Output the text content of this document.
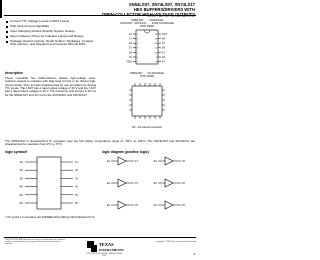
SN54LS07, SN74LS07, SN74LS17
HEX BUFFERS/DRIVERS WITH
OPEN-COLLECTOR HIGH-VOLTAGE OUTPUTS
SDLS021 – MAY 1990 – REVISED MARCH 1988
Convert TTL Voltage Levels to MOS Levels
High Sink-Current Capability
Input Clamping Diodes Simplify System Design
Open-Collector Driver for Indicator Lamps and Relays
Package Options Include “Small Outline” Packages, Ceramic Chip Carriers, and Standard and Ceramic 300-mil DIPs
description
These monolithic hex buffers/drivers feature high-voltage open-collector outputs to interface with high-level circuits or for driving high-current loads. They are also characterized for use as buffers for driving TTL inputs. The 'LS07 has a rated output voltage of 30 V and the 'LS17 has a rated output voltage of 15 V. The maximum sink current is 30 mA for the SN54LS07 and 40 mA for the SN74LS07 and SN74LS17.
SN54LS07 . . . J PACKAGE
SN74LS07, SN74LS17 . . . D OR N PACKAGE
(TOP VIEW)
1A 1
1Y 2
2A 3
2Y 4
3A 5
3Y 6
GND 7
VCC
14
6A
13
6Y
12
5A
11
5Y
10
4A
9
4Y
8
SN54LS07 . . . FK PACKAGE
(TOP VIEW)
NC – No internal connection
The SN54LS07 is characterized for operation over the full military temperature range of –55°C to 125°C. The SN74LS07 and SN74LS17 are characterized for operation from 0°C to 70°C.
logic symbol†
1A
2A
3A
4A
5A
6A
1Y
2Y
3Y
4Y
5Y
6Y
† This symbol is in accordance with ANSI/IEEE Std 91-1984 and IEC Publication 617-12.
logic diagram (positive logic)
1A	1Y
2A	2Y
3A	3Y
4A	4Y
5A	5Y
6A	6Y
PRODUCTION DATA information is current as of publication date. Products conform to specifications per the terms of Texas Instruments standard warranty.	TEXAS
INSTRUMENTS
POST OFFICE BOX 655303 • DALLAS, TEXAS 75265
Copyright © 1988, Texas Instruments Incorporated
1
